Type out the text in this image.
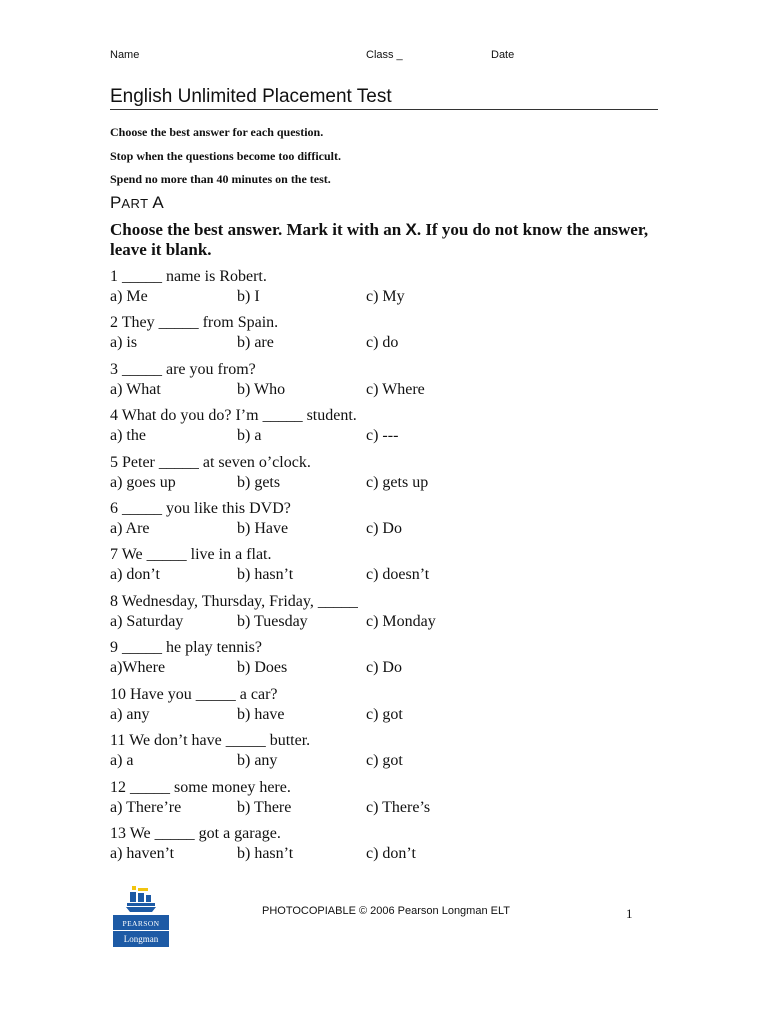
Name	Class _	Date
English Unlimited Placement Test
Choose the best answer for each question.
Stop when the questions become too difficult.
Spend no more than 40 minutes on the test.
PART A
Choose the best answer. Mark it with an X. If you do not know the answer, leave it blank.
1 _____ name is Robert.
a) Me	b) I	c) My
2 They _____ from Spain.
a) is	b) are	c) do
3 _____ are you from?
a) What	b) Who	c) Where
4 What do you do? I’m _____ student.
a) the	b) a	c) ---
5 Peter _____ at seven o’clock.
a) goes up	b) gets	c) gets up
6 _____ you like this DVD?
a) Are	b) Have	c) Do
7 We _____ live in a flat.
a) don’t	b) hasn’t	c) doesn’t
8 Wednesday, Thursday, Friday, _____
a) Saturday	b) Tuesday	c) Monday
9 _____ he play tennis?
a)Where	b) Does	c) Do
10 Have you _____ a car?
a) any	b) have	c) got
11 We don’t have _____ butter.
a) a	b) any	c) got
12 _____ some money here.
a) There’re	b) There	c) There’s
13 We _____ got a garage.
a) haven’t	b) hasn’t	c) don’t
PEARSON
Longman
PHOTOCOPIABLE © 2006 Pearson Longman ELT	1
